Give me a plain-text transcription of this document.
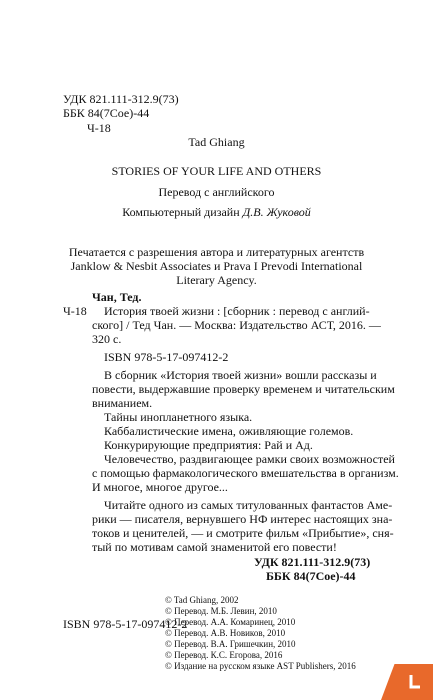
УДК 821.111-312.9(73)
ББК 84(7Сое)-44
Ч-18
Tad Ghiang
STORIES OF YOUR LIFE AND OTHERS
Перевод с английского
Компьютерный дизайн Д.В. Жуковой
Печатается с разрешения автора и литературных агентств
Janklow & Nesbit Associates и Prava I Prevodi International
Literary Agency.
Чан, Тед.
Ч-18 История твоей жизни : [сборник : перевод с англий-
ского] / Тед Чан. — Москва: Издательство АСТ, 2016. —
320 с.
ISBN 978-5-17-097412-2
В сборник «История твоей жизни» вошли рассказы и
повести, выдержавшие проверку временем и читательским
вниманием.
Тайны инопланетного языка.
Каббалистические имена, оживляющие големов.
Конкурирующие предприятия: Рай и Ад.
Человечество, раздвигающее рамки своих возможностей
с помощью фармакологического вмешательства в организм.
И многое, многое другое...
Читайте одного из самых титулованных фантастов Аме-
рики — писателя, вернувшего НФ интерес настоящих зна-
токов и ценителей, — и смотрите фильм «Прибытие», сня-
тый по мотивам самой знаменитой его повести!
УДК 821.111-312.9(73)
ББК 84(7Сое)-44
© Tad Ghiang, 2002
© Перевод. М.Б. Левин, 2010
© Перевод. А.А. Комаринец, 2010
© Перевод. А.В. Новиков, 2010
© Перевод. В.А. Гришечкин, 2010
© Перевод. К.С. Егорова, 2016
© Издание на русском языке AST Publishers, 2016
ISBN 978-5-17-097412-2
